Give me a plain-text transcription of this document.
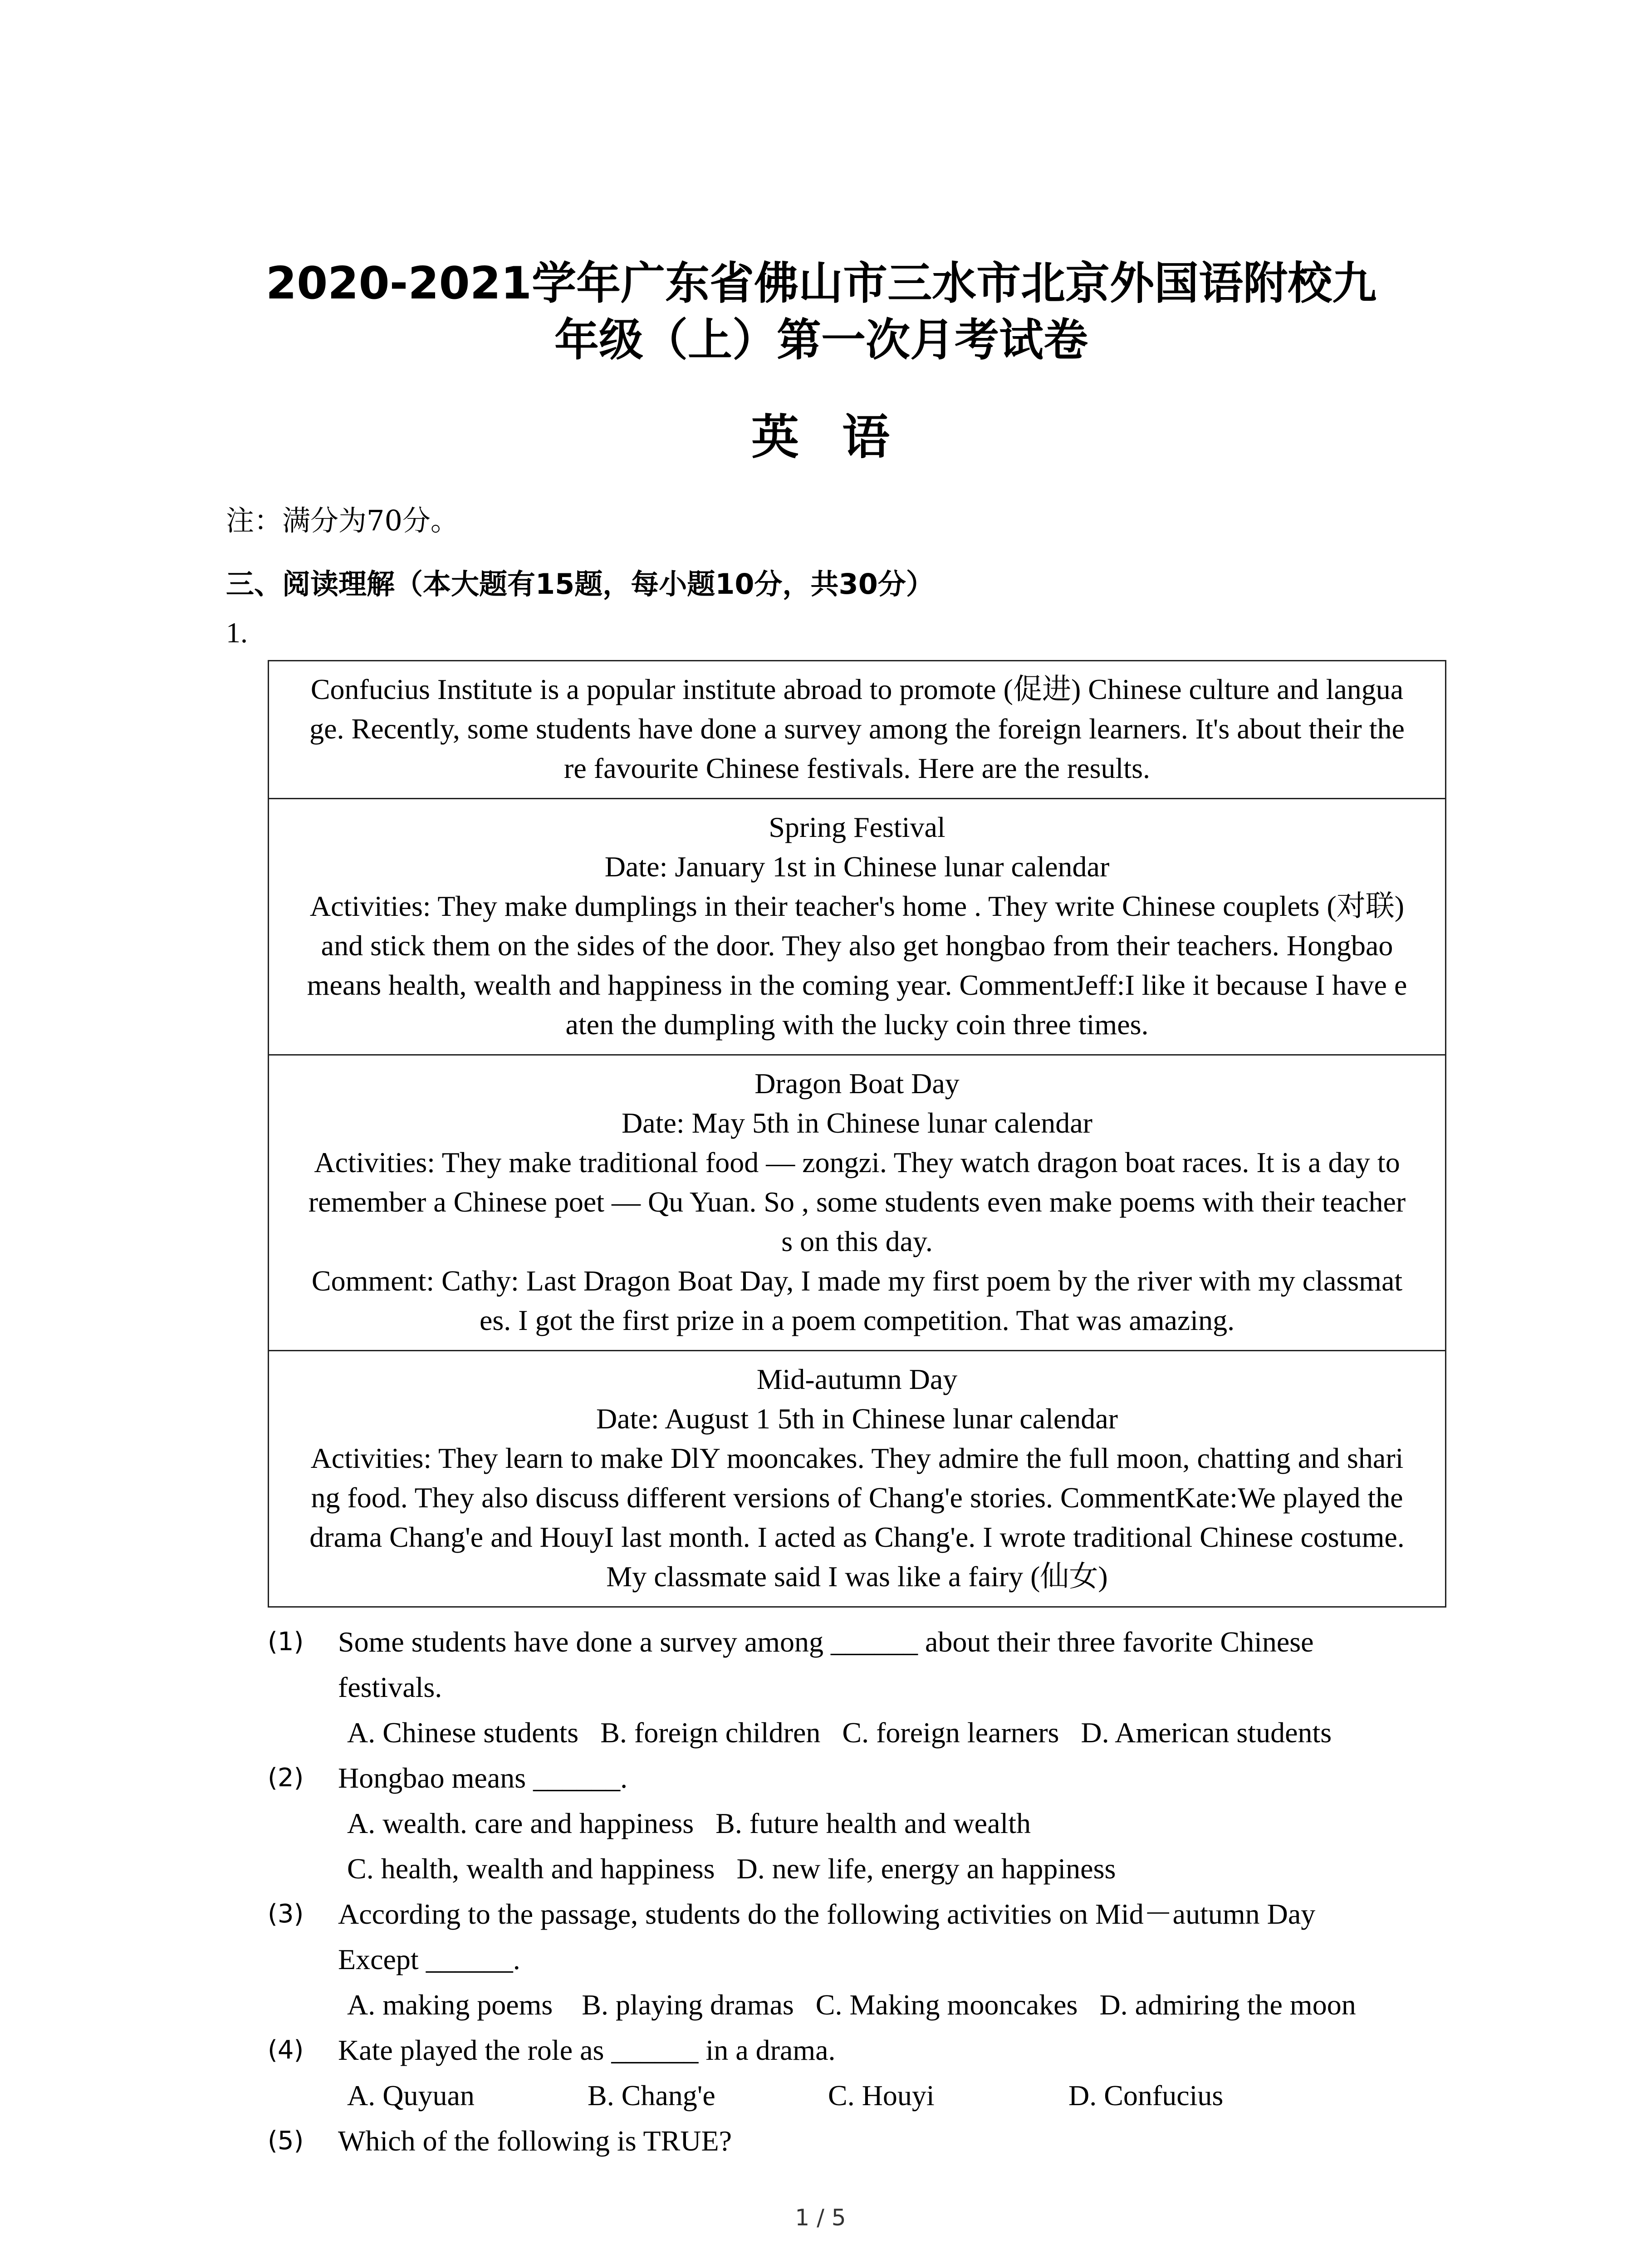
2020-2021学年广东省佛山市三水市北京外国语附校九
年级（上）第一次月考试卷
英语
注：满分为70分。
三、阅读理解（本大题有15题，每小题10分，共30分）
1.
Confucius Institute is a popular institute abroad to promote (促进) Chinese culture and langua
ge. Recently, some students have done a survey among the foreign learners. It's about their the
re favourite Chinese festivals. Here are the results.
Spring Festival
Date: January 1st in Chinese lunar calendar
Activities: They make dumplings in their teacher's home . They write Chinese couplets (对联)
and stick them on the sides of the door. They also get hongbao from their teachers. Hongbao
means health, wealth and happiness in the coming year. CommentJeff:I like it because I have e
aten the dumpling with the lucky coin three times.
Dragon Boat Day
Date: May 5th in Chinese lunar calendar
Activities: They make traditional food — zongzi. They watch dragon boat races. It is a day to
remember a Chinese poet — Qu Yuan. So , some students even make poems with their teacher
s on this day.
Comment: Cathy: Last Dragon Boat Day, I made my first poem by the river with my classmat
es. I got the first prize in a poem competition. That was amazing.
Mid-autumn Day
Date: August 1 5th in Chinese lunar calendar
Activities: They learn to make DlY mooncakes. They admire the full moon, chatting and shari
ng food. They also discuss different versions of Chang'e stories. CommentKate:We played the
drama Chang'e and HouyI last month. I acted as Chang'e. I wrote traditional Chinese costume.
My classmate said I was like a fairy (仙女)
(1) Some students have done a survey among ______ about their three favorite Chinese
festivals.
A. Chinese students   B. foreign children   C. foreign learners   D. American students
(2) Hongbao means ______.
A. wealth. care and happiness   B. future health and wealth
C. health, wealth and happiness   D. new life, energy an happiness
(3) According to the passage, students do the following activities on Mid－autumn Day
Except ______.
A. making poems    B. playing dramas   C. Making mooncakes   D. admiring the moon
(4) Kate played the role as ______ in a drama.
A. Quyuan	B. Chang'e	C. Houyi	D. Confucius
(5) Which of the following is TRUE?
1 / 5
